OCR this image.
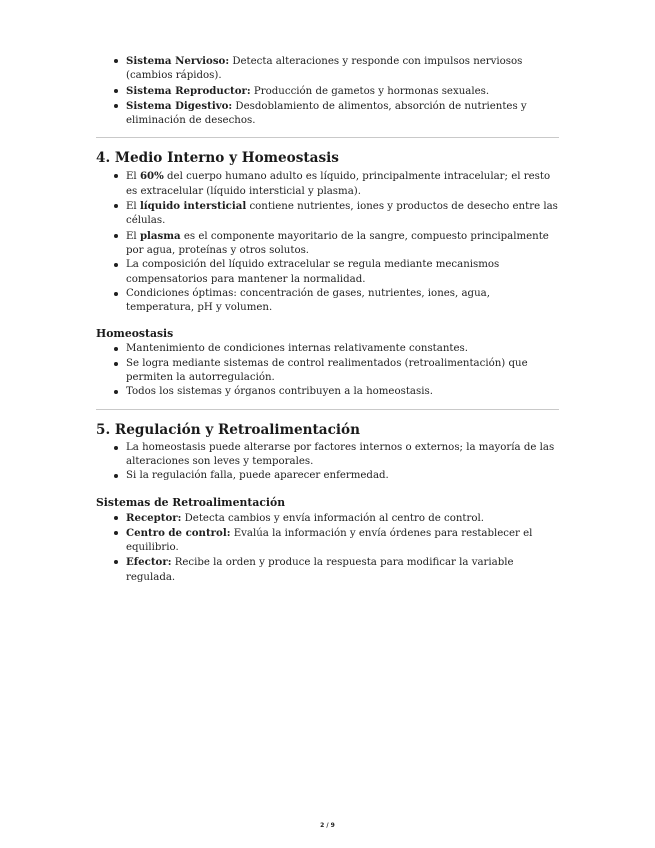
Sistema Nervioso: Detecta alteraciones y responde con impulsos nerviosos (cambios rápidos).
Sistema Reproductor: Producción de gametos y hormonas sexuales.
Sistema Digestivo: Desdoblamiento de alimentos, absorción de nutrientes y eliminación de desechos.
4. Medio Interno y Homeostasis
El 60% del cuerpo humano adulto es líquido, principalmente intracelular; el resto es extracelular (líquido intersticial y plasma).
El líquido intersticial contiene nutrientes, iones y productos de desecho entre las células.
El plasma es el componente mayoritario de la sangre, compuesto principalmente por agua, proteínas y otros solutos.
La composición del líquido extracelular se regula mediante mecanismos compensatorios para mantener la normalidad.
Condiciones óptimas: concentración de gases, nutrientes, iones, agua, temperatura, pH y volumen.
Homeostasis
Mantenimiento de condiciones internas relativamente constantes.
Se logra mediante sistemas de control realimentados (retroalimentación) que permiten la autorregulación.
Todos los sistemas y órganos contribuyen a la homeostasis.
5. Regulación y Retroalimentación
La homeostasis puede alterarse por factores internos o externos; la mayoría de las alteraciones son leves y temporales.
Si la regulación falla, puede aparecer enfermedad.
Sistemas de Retroalimentación
Receptor: Detecta cambios y envía información al centro de control.
Centro de control: Evalúa la información y envía órdenes para restablecer el equilibrio.
Efector: Recibe la orden y produce la respuesta para modificar la variable regulada.
2 / 9
